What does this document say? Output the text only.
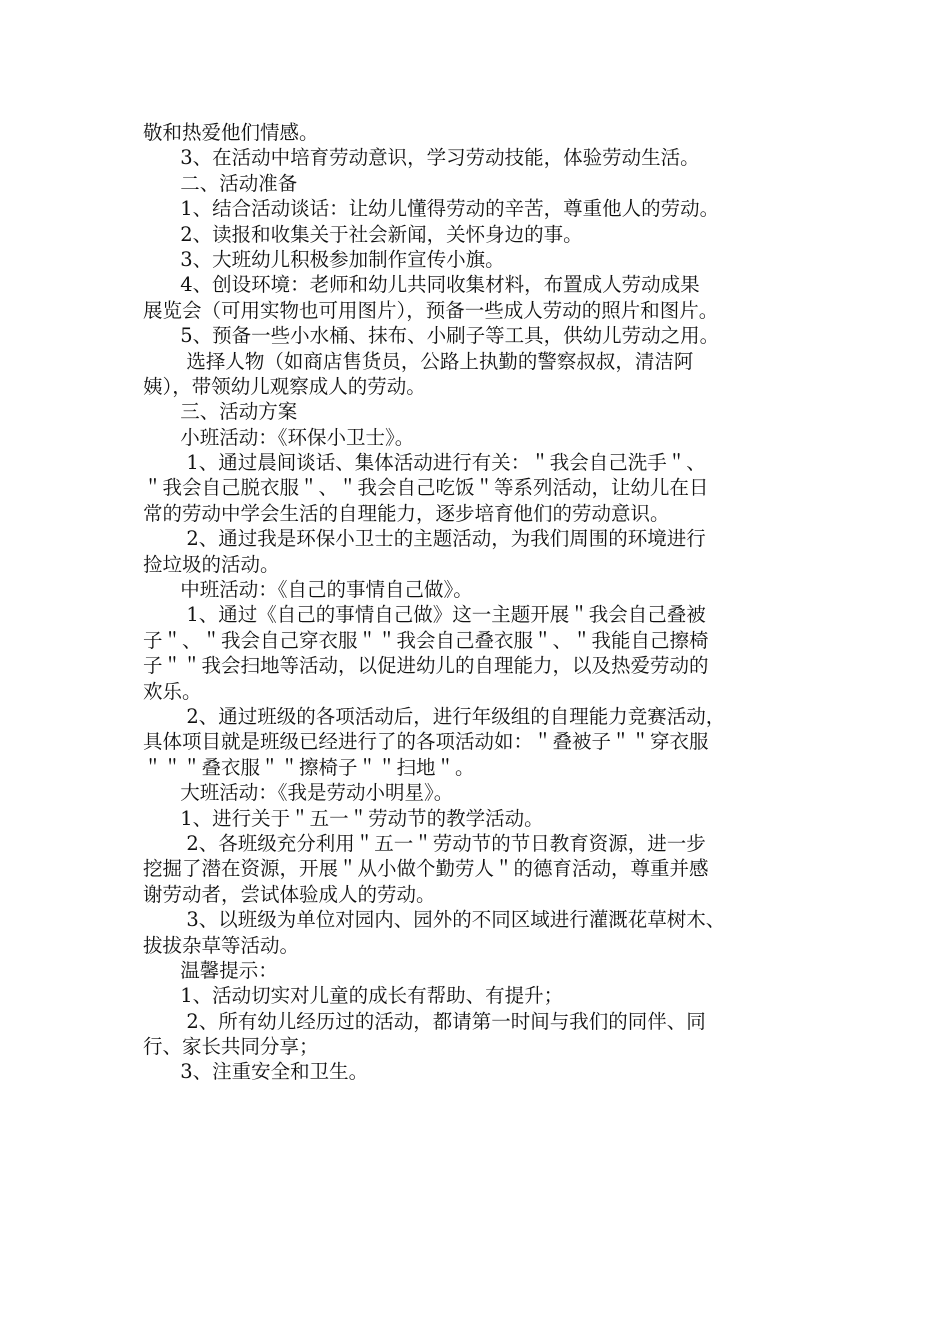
敬和热爱他们情感。
3、在活动中培育劳动意识，学习劳动技能，体验劳动生活。
二、活动准备
1、结合活动谈话：让幼儿懂得劳动的辛苦，尊重他人的劳动。
2、读报和收集关于社会新闻，关怀身边的事。
3、大班幼儿积极参加制作宣传小旗。
4、创设环境：老师和幼儿共同收集材料，布置成人劳动成果
展览会（可用实物也可用图片），预备一些成人劳动的照片和图片。
5、预备一些小水桶、抹布、小刷子等工具，供幼儿劳动之用。
选择人物（如商店售货员，公路上执勤的警察叔叔，清洁阿
姨），带领幼儿观察成人的劳动。
三、活动方案
小班活动：《环保小卫士》。
1、通过晨间谈话、集体活动进行有关：＂我会自己洗手＂、
＂我会自己脱衣服＂、＂我会自己吃饭＂等系列活动，让幼儿在日
常的劳动中学会生活的自理能力，逐步培育他们的劳动意识。
2、通过我是环保小卫士的主题活动，为我们周围的环境进行
捡垃圾的活动。
中班活动：《自己的事情自己做》。
1、通过《自己的事情自己做》这一主题开展＂我会自己叠被
子＂、＂我会自己穿衣服＂＂我会自己叠衣服＂、＂我能自己擦椅
子＂＂我会扫地等活动，以促进幼儿的自理能力，以及热爱劳动的
欢乐。
2、通过班级的各项活动后，进行年级组的自理能力竞赛活动，
具体项目就是班级已经进行了的各项活动如：＂叠被子＂＂穿衣服
＂＂＂叠衣服＂＂擦椅子＂＂扫地＂。
大班活动：《我是劳动小明星》。
1、进行关于＂五一＂劳动节的教学活动。
2、各班级充分利用＂五一＂劳动节的节日教育资源，进一步
挖掘了潜在资源，开展＂从小做个勤劳人＂的德育活动，尊重并感
谢劳动者，尝试体验成人的劳动。
3、以班级为单位对园内、园外的不同区域进行灌溉花草树木、
拔拔杂草等活动。
温馨提示：
1、活动切实对儿童的成长有帮助、有提升；
2、所有幼儿经历过的活动，都请第一时间与我们的同伴、同
行、家长共同分享；
3、注重安全和卫生。
